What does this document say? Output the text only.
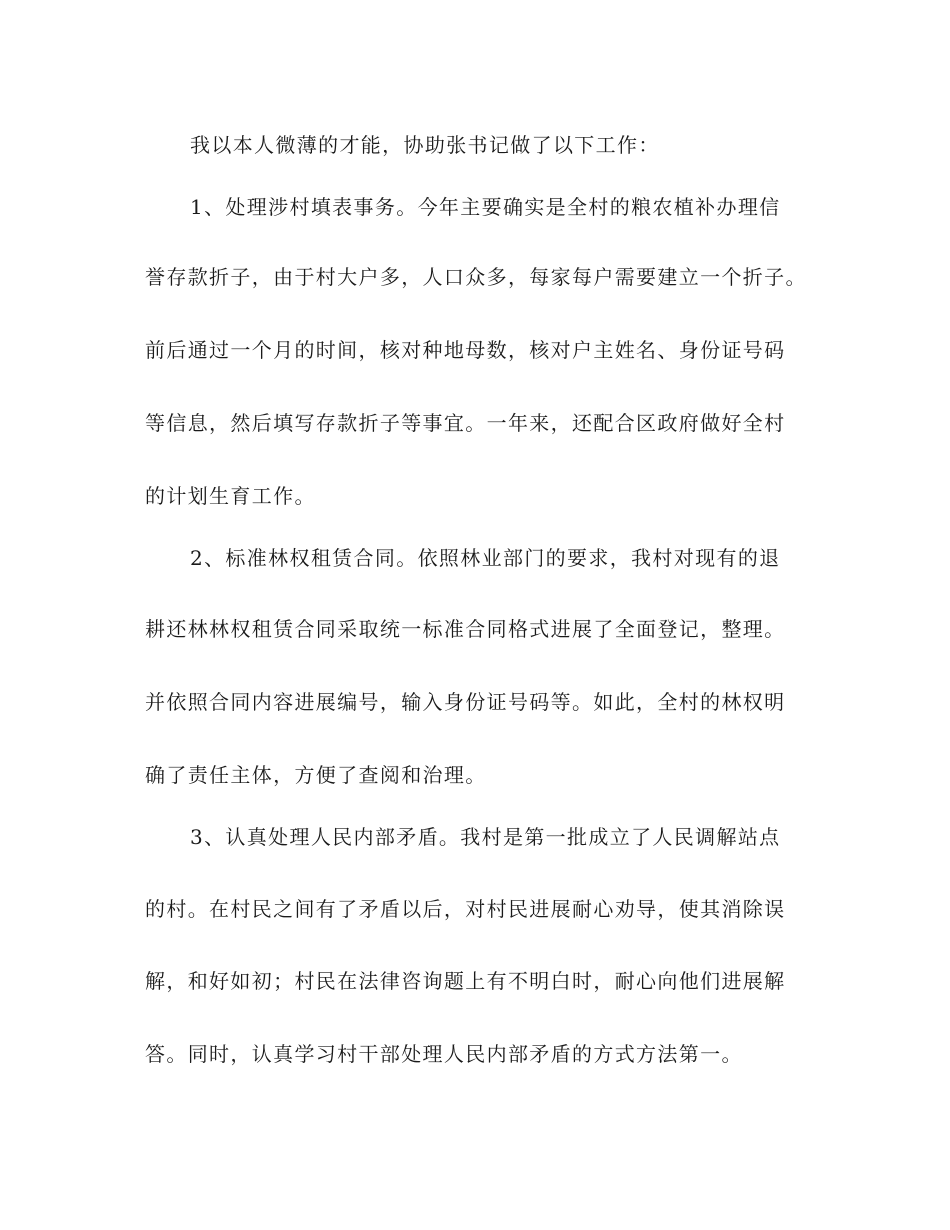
我以本人微薄的才能，协助张书记做了以下工作：
1、处理涉村填表事务。今年主要确实是全村的粮农植补办理信
誉存款折子，由于村大户多，人口众多，每家每户需要建立一个折子。
前后通过一个月的时间，核对种地母数，核对户主姓名、身份证号码
等信息，然后填写存款折子等事宜。一年来，还配合区政府做好全村
的计划生育工作。
2、标准林权租赁合同。依照林业部门的要求，我村对现有的退
耕还林林权租赁合同采取统一标准合同格式进展了全面登记，整理。
并依照合同内容进展编号，输入身份证号码等。如此，全村的林权明
确了责任主体，方便了查阅和治理。
3、认真处理人民内部矛盾。我村是第一批成立了人民调解站点
的村。在村民之间有了矛盾以后，对村民进展耐心劝导，使其消除误
解，和好如初；村民在法律咨询题上有不明白时，耐心向他们进展解
答。同时，认真学习村干部处理人民内部矛盾的方式方法第一。
